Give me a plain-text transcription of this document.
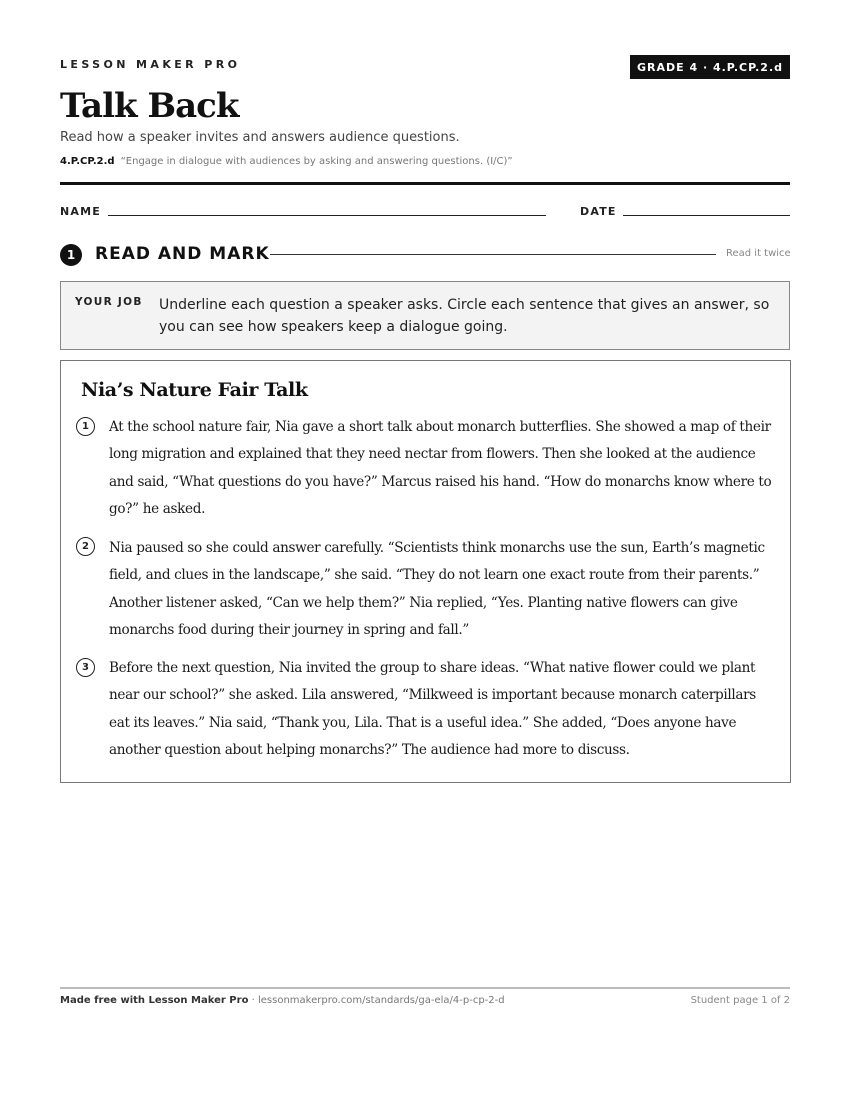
LESSON MAKER PRO	GRADE 4 · 4.P.CP.2.d
Talk Back
Read how a speaker invites and answers audience questions.
4.P.CP.2.d “Engage in dialogue with audiences by asking and answering questions. (I/C)”
NAME	DATE
1	READ AND MARK	Read it twice
YOUR JOB Underline each question a speaker asks. Circle each sentence that gives an answer, so you can see how speakers keep a dialogue going.
Nia’s Nature Fair Talk
1	At the school nature fair, Nia gave a short talk about monarch butterflies. She showed a map of their long migration and explained that they need nectar from flowers. Then she looked at the audience and said, “What questions do you have?” Marcus raised his hand. “How do monarchs know where to go?” he asked.
2	Nia paused so she could answer carefully. “Scientists think monarchs use the sun, Earth’s magnetic field, and clues in the landscape,” she said. “They do not learn one exact route from their parents.” Another listener asked, “Can we help them?” Nia replied, “Yes. Planting native flowers can give monarchs food during their journey in spring and fall.”
3	Before the next question, Nia invited the group to share ideas. “What native flower could we plant near our school?” she asked. Lila answered, “Milkweed is important because monarch caterpillars eat its leaves.” Nia said, “Thank you, Lila. That is a useful idea.” She added, “Does anyone have another question about helping monarchs?” The audience had more to discuss.
Made free with Lesson Maker Pro · lessonmakerpro.com/standards/ga-ela/4-p-cp-2-d	Student page 1 of 2
